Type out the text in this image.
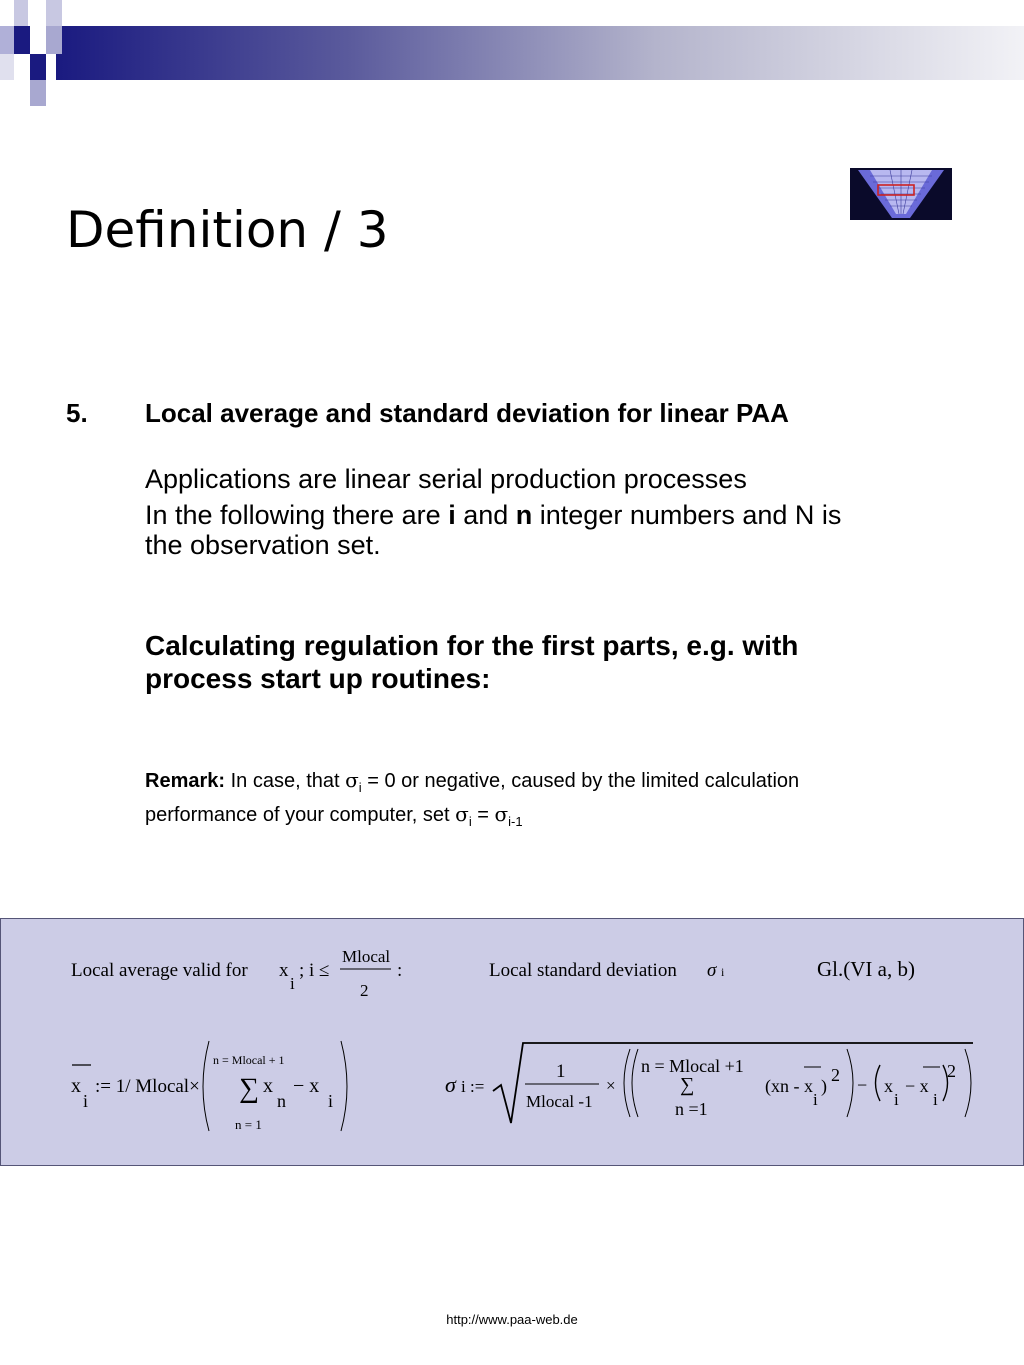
Definition / 3
5. Local average and standard deviation for linear PAA
Applications are linear serial production processes
In the following there are i and n integer numbers and N is
the observation set.
Calculating regulation for the first parts, e.g. with process start up routines:
Remark: In case, that $\sigma_i = 0$ or negative, caused by the limited calculation
performance of your computer, set $\sigma_i = \sigma_{i-1}$
Local average valid for x
i
; i ≤
Mlocal
2
:	Local standard deviation σ i	Gl.(VI a, b)
x
i
:= 1/ Mlocal×
n = Mlocal + 1
∑ x
n
− x
i
n = 1
σ i :=
1
Mlocal -1
×
n = Mlocal +1
∑
n =1
(xn - x
i
)
2 − x
i
− x
i
2
http://www.paa-web.de
